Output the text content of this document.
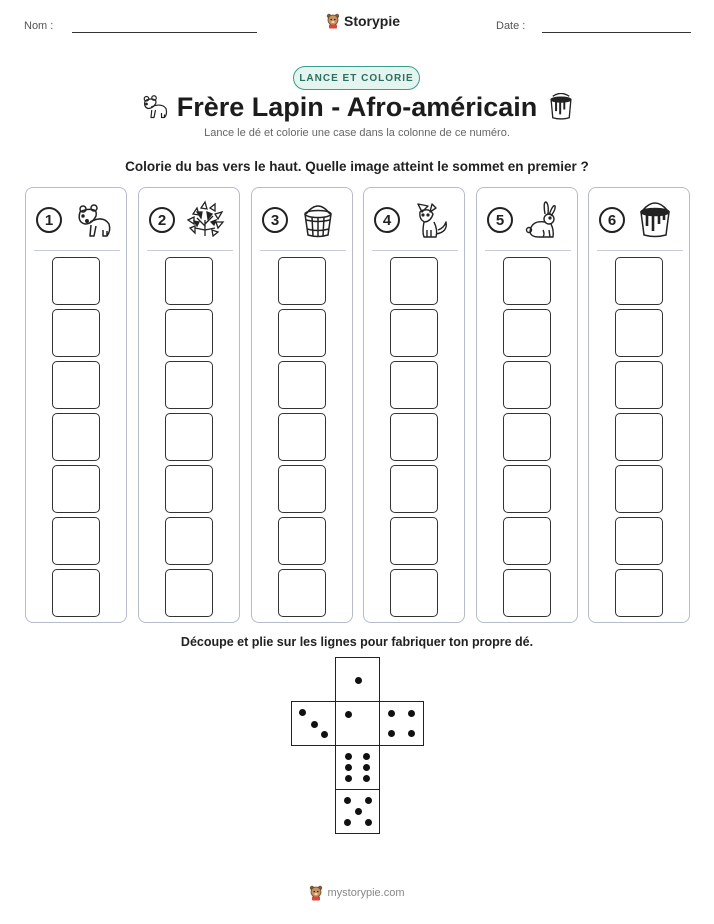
Nom :	Storypie	Date :
LANCE ET COLORIE
Frère Lapin - Afro-américain
Lance le dé et colorie une case dans la colonne de ce numéro.
Colorie du bas vers le haut. Quelle image atteint le sommet en premier ?
1	2	3	4	5	6
Découpe et plie sur les lignes pour fabriquer ton propre dé.
mystorypie.com
